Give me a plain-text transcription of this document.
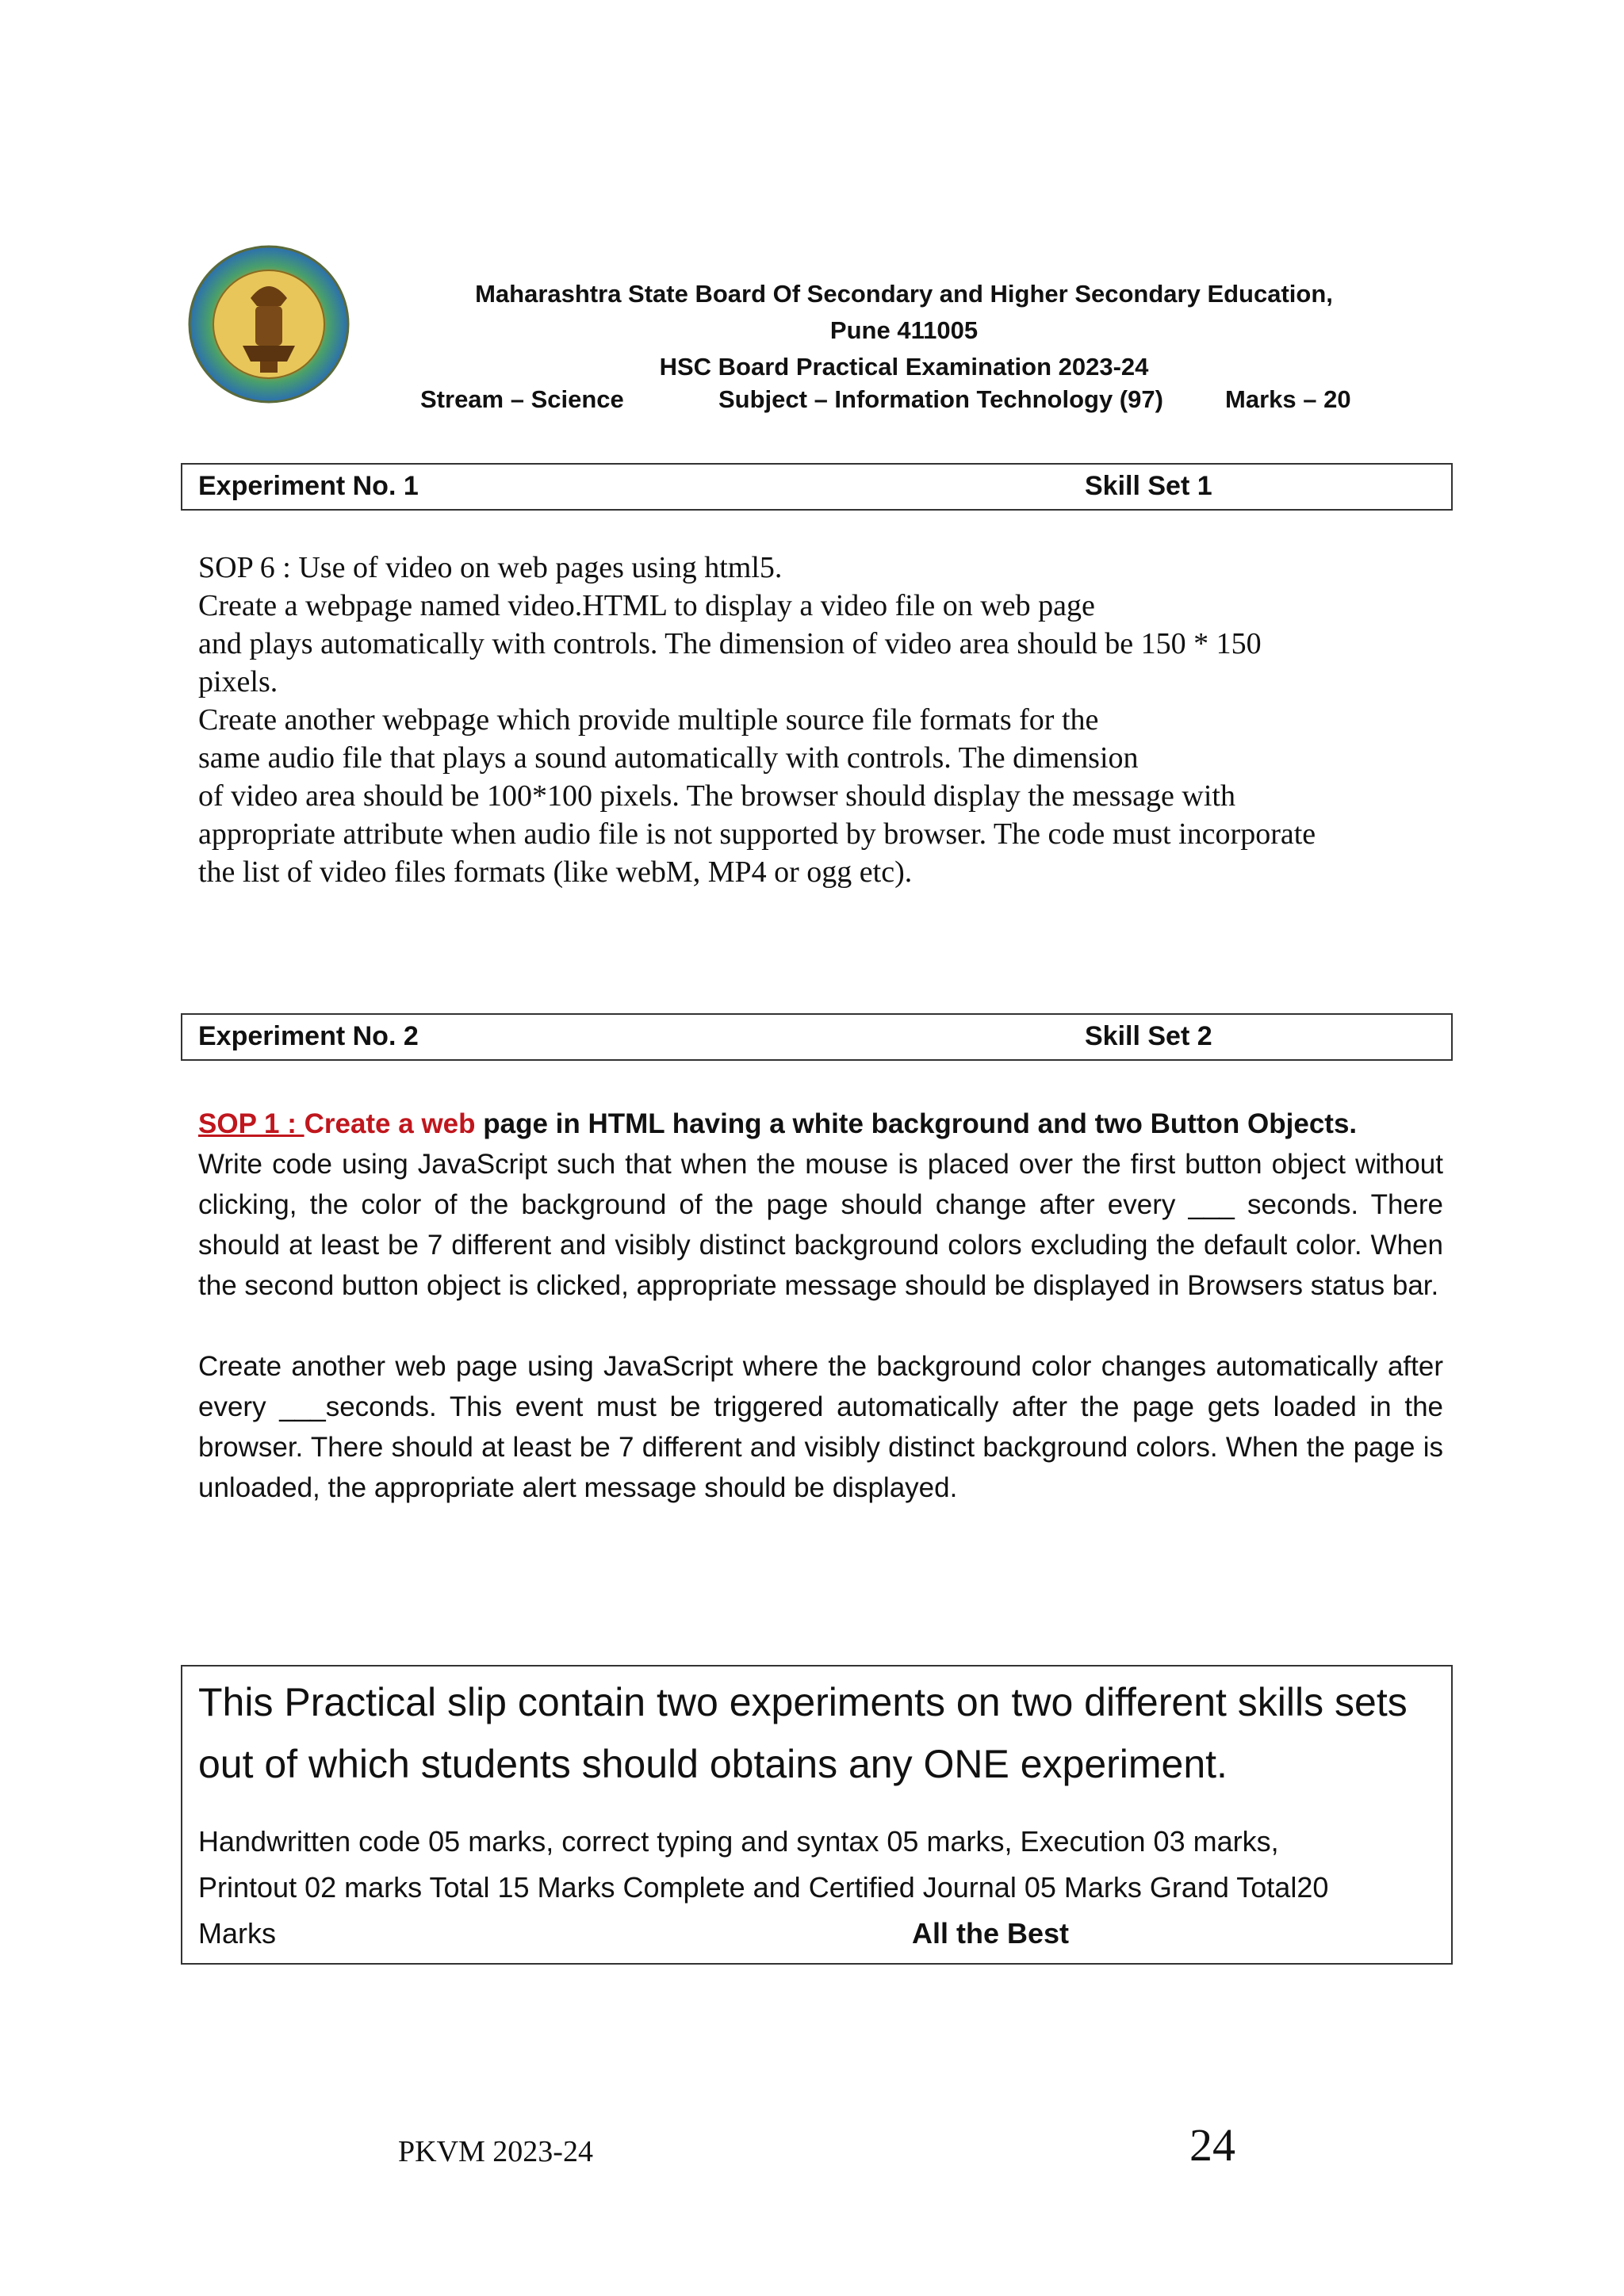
Maharashtra State Board Of Secondary and Higher Secondary Education,
Pune 411005
HSC Board Practical Examination 2023-24
Stream – Science	Subject – Information Technology (97)	Marks – 20
Experiment No. 1	Skill Set 1
SOP 6 : Use of video on web pages using html5.
Create a webpage named video.HTML to display a video file on web page
and plays automatically with controls. The dimension of video area should be 150 * 150
pixels.
Create another webpage which provide multiple source file formats for the
same audio file that plays a sound automatically with controls. The dimension
of video area should be 100*100 pixels. The browser should display the message with
appropriate attribute when audio file is not supported by browser. The code must incorporate
the list of video files formats (like webM, MP4 or ogg etc).
Experiment No. 2	Skill Set 2

SOP 1 : Create a web page in HTML having a white background and two Button Objects.

Write code using JavaScript such that when the mouse is placed over the first button object without clicking, the color of the background of the page should change after every ___ seconds. There should at least be 7 different and visibly distinct background colors excluding the default color. When the second button object is clicked, appropriate message should be displayed in Browsers status bar.

Create another web page using JavaScript where the background color changes automatically after every ___seconds. This event must be triggered automatically after the page gets loaded in the browser. There should at least be 7 different and visibly distinct background colors. When the page is unloaded, the appropriate alert message should be displayed.

This Practical slip contain two experiments on two different skills sets out of which students should obtains any ONE experiment.
Handwritten code 05 marks, correct typing and syntax 05 marks, Execution 03 marks,
Printout 02 marks Total 15 Marks Complete and Certified Journal 05 Marks Grand Total20
Marks	All the Best
PKVM 2023-24	24
